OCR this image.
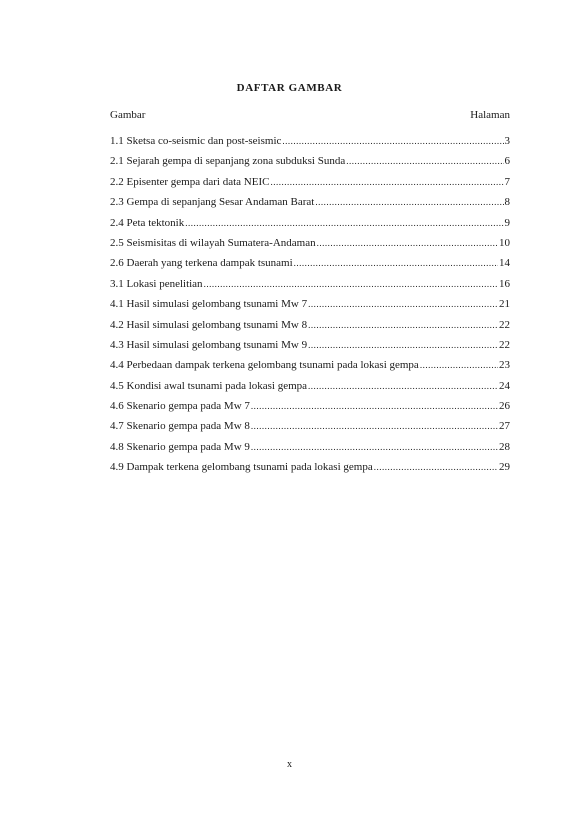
DAFTAR GAMBAR
Gambar	Halaman
1.1 Sketsa co-seismic dan post-seismic .....	3
2.1 Sejarah gempa di sepanjang zona subduksi Sunda .....	6
2.2 Episenter gempa dari data NEIC .....	7
2.3 Gempa di sepanjang Sesar Andaman Barat .....	8
2.4 Peta tektonik .....	9
2.5 Seismisitas di wilayah Sumatera-Andaman .....	10
2.6 Daerah yang terkena dampak tsunami .....	14
3.1 Lokasi penelitian .....	16
4.1 Hasil simulasi gelombang tsunami Mw 7 .....	21
4.2 Hasil simulasi gelombang tsunami Mw 8 .....	22
4.3 Hasil simulasi gelombang tsunami Mw 9 .....	22
4.4 Perbedaan dampak terkena gelombang tsunami pada lokasi gempa .....	23
4.5 Kondisi awal tsunami pada lokasi gempa .....	24
4.6 Skenario gempa pada Mw 7 .....	26
4.7 Skenario gempa pada Mw 8 .....	27
4.8 Skenario gempa pada Mw 9 .....	28
4.9 Dampak terkena gelombang tsunami pada lokasi gempa .....	29
x
